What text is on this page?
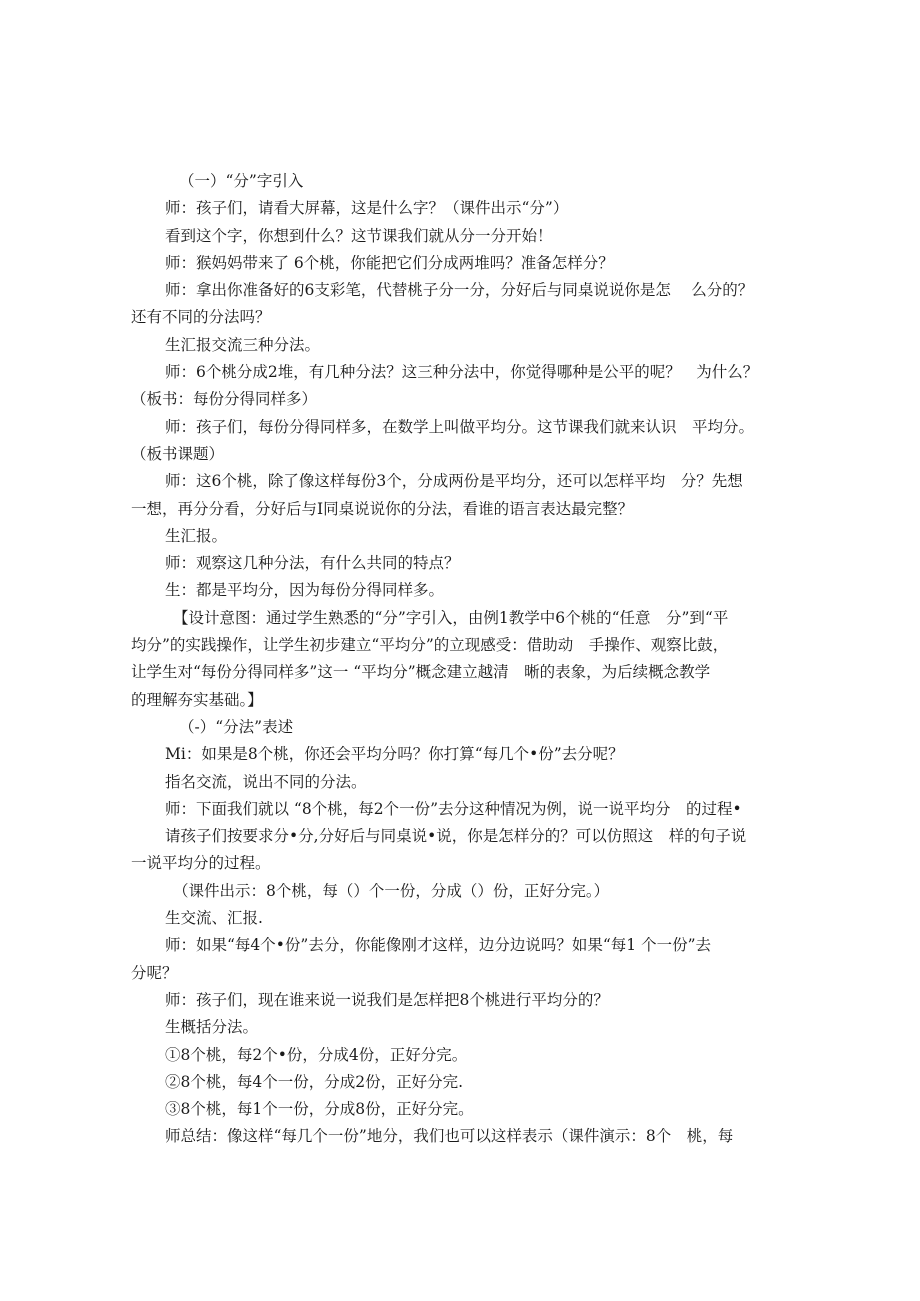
（一）“分”字引入
师：孩子们，请看大屏幕，这是什么字？（课件出示“分”）
看到这个字，你想到什么？这节课我们就从分一分开始！
师：猴妈妈带来了 6个桃，你能把它们分成两堆吗？准备怎样分？
师：拿出你准备好的6支彩笔，代替桃子分一分，分好后与同桌说说你是怎　 么分的？
还有不同的分法吗？
生汇报交流三种分法。
师：6个桃分成2堆，有几种分法？这三种分法中，你觉得哪种是公平的呢？　为什么？
（板书：每份分得同样多）
师：孩子们，每份分得同样多，在数学上叫做平均分。这节课我们就来认识　平均分。
（板书课题）
师：这6个桃，除了像这样每份3个，分成两份是平均分，还可以怎样平均　分？先想
一想，再分分看，分好后与I同桌说说你的分法，看谁的语言表达最完整？
生汇报。
师：观察这几种分法，有什么共同的特点？
生：都是平均分，因为每份分得同样多。
【设计意图：通过学生熟悉的“分”字引入，由例1教学中6个桃的“任意　分”到“平
均分”的实践操作，让学生初步建立“平均分”的立现感受：借助动　手操作、观察比鼓，
让学生对“每份分得同样多”这一 “平均分”概念建立越清　晰的表象，为后续概念教学
的理解夯实基础。】
（-）“分法”表述
Mi：如果是8个桃，你还会平均分吗？你打算“每几个•份”去分呢？
指名交流，说出不同的分法。
师：下面我们就以 “8个桃，每2个一份”去分这种情况为例，说一说平均分　的过程•
请孩子们按要求分•分,分好后与同桌说•说，你是怎样分的？可以仿照这　样的句子说
一说平均分的过程。
（课件出示：8个桃，每（）个一份，分成（）份，正好分完。）
生交流、汇报.
师：如果“每4个•份”去分，你能像刚才这样，边分边说吗？如果“每1 个一份”去
分呢？
师：孩子们，现在谁来说一说我们是怎样把8个桃进行平均分的？
生概括分法。
①8个桃，每2个•份，分成4份，正好分完。
②8个桃，每4个一份，分成2份，正好分完.
③8个桃，每1个一份，分成8份，正好分完。
师总结：像这样“每几个一份”地分，我们也可以这样表示（课件演示：8个　桃，每
